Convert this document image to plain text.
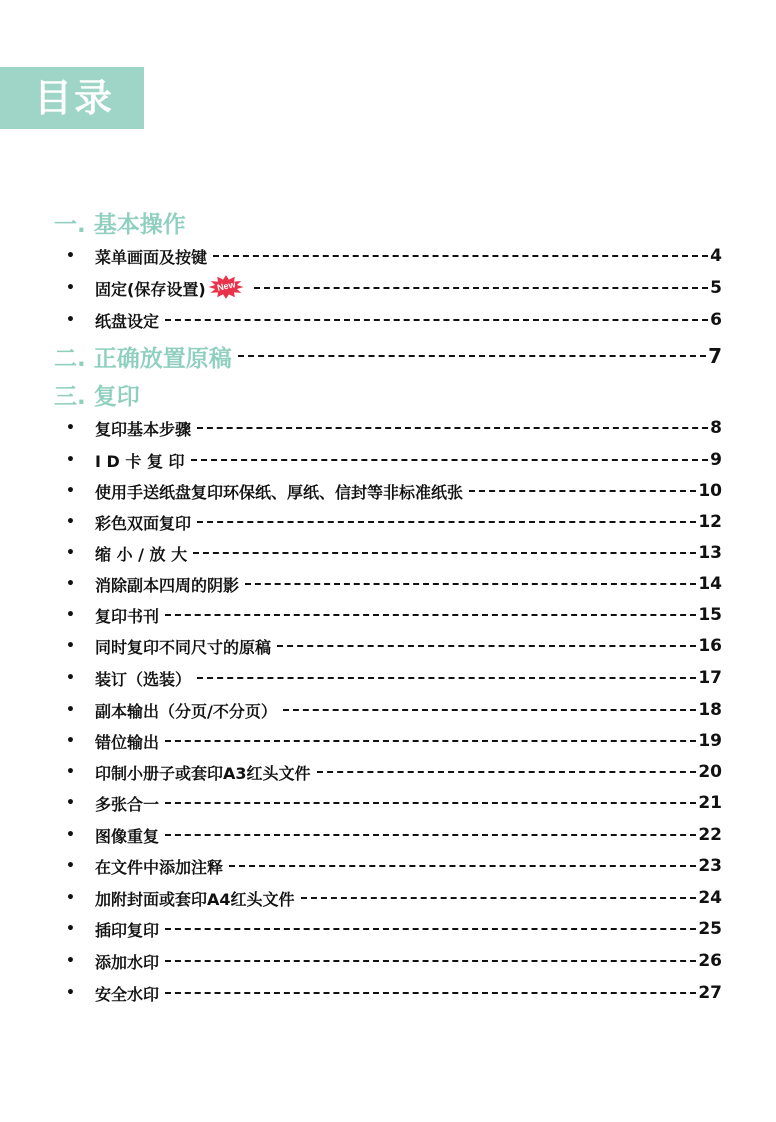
目录
一. 基本操作
•	菜单画面及按键	4
•	固定(保存设置) New	5
•	纸盘设定	6
二. 正确放置原稿	7
三. 复印
•	复印基本步骤	8
•	I D 卡 复 印	9
•	使用手送纸盘复印环保纸、厚纸、信封等非标准纸张	10
•	彩色双面复印	12
•	缩 小 / 放 大	13
•	消除副本四周的阴影	14
•	复印书刊	15
•	同时复印不同尺寸的原稿	16
•	装订（选装）	17
•	副本输出（分页/不分页）	18
•	错位输出	19
•	印制小册子或套印A3红头文件	20
•	多张合一	21
•	图像重复	22
•	在文件中添加注释	23
•	加附封面或套印A4红头文件	24
•	插印复印	25
•	添加水印	26
•	安全水印	27
